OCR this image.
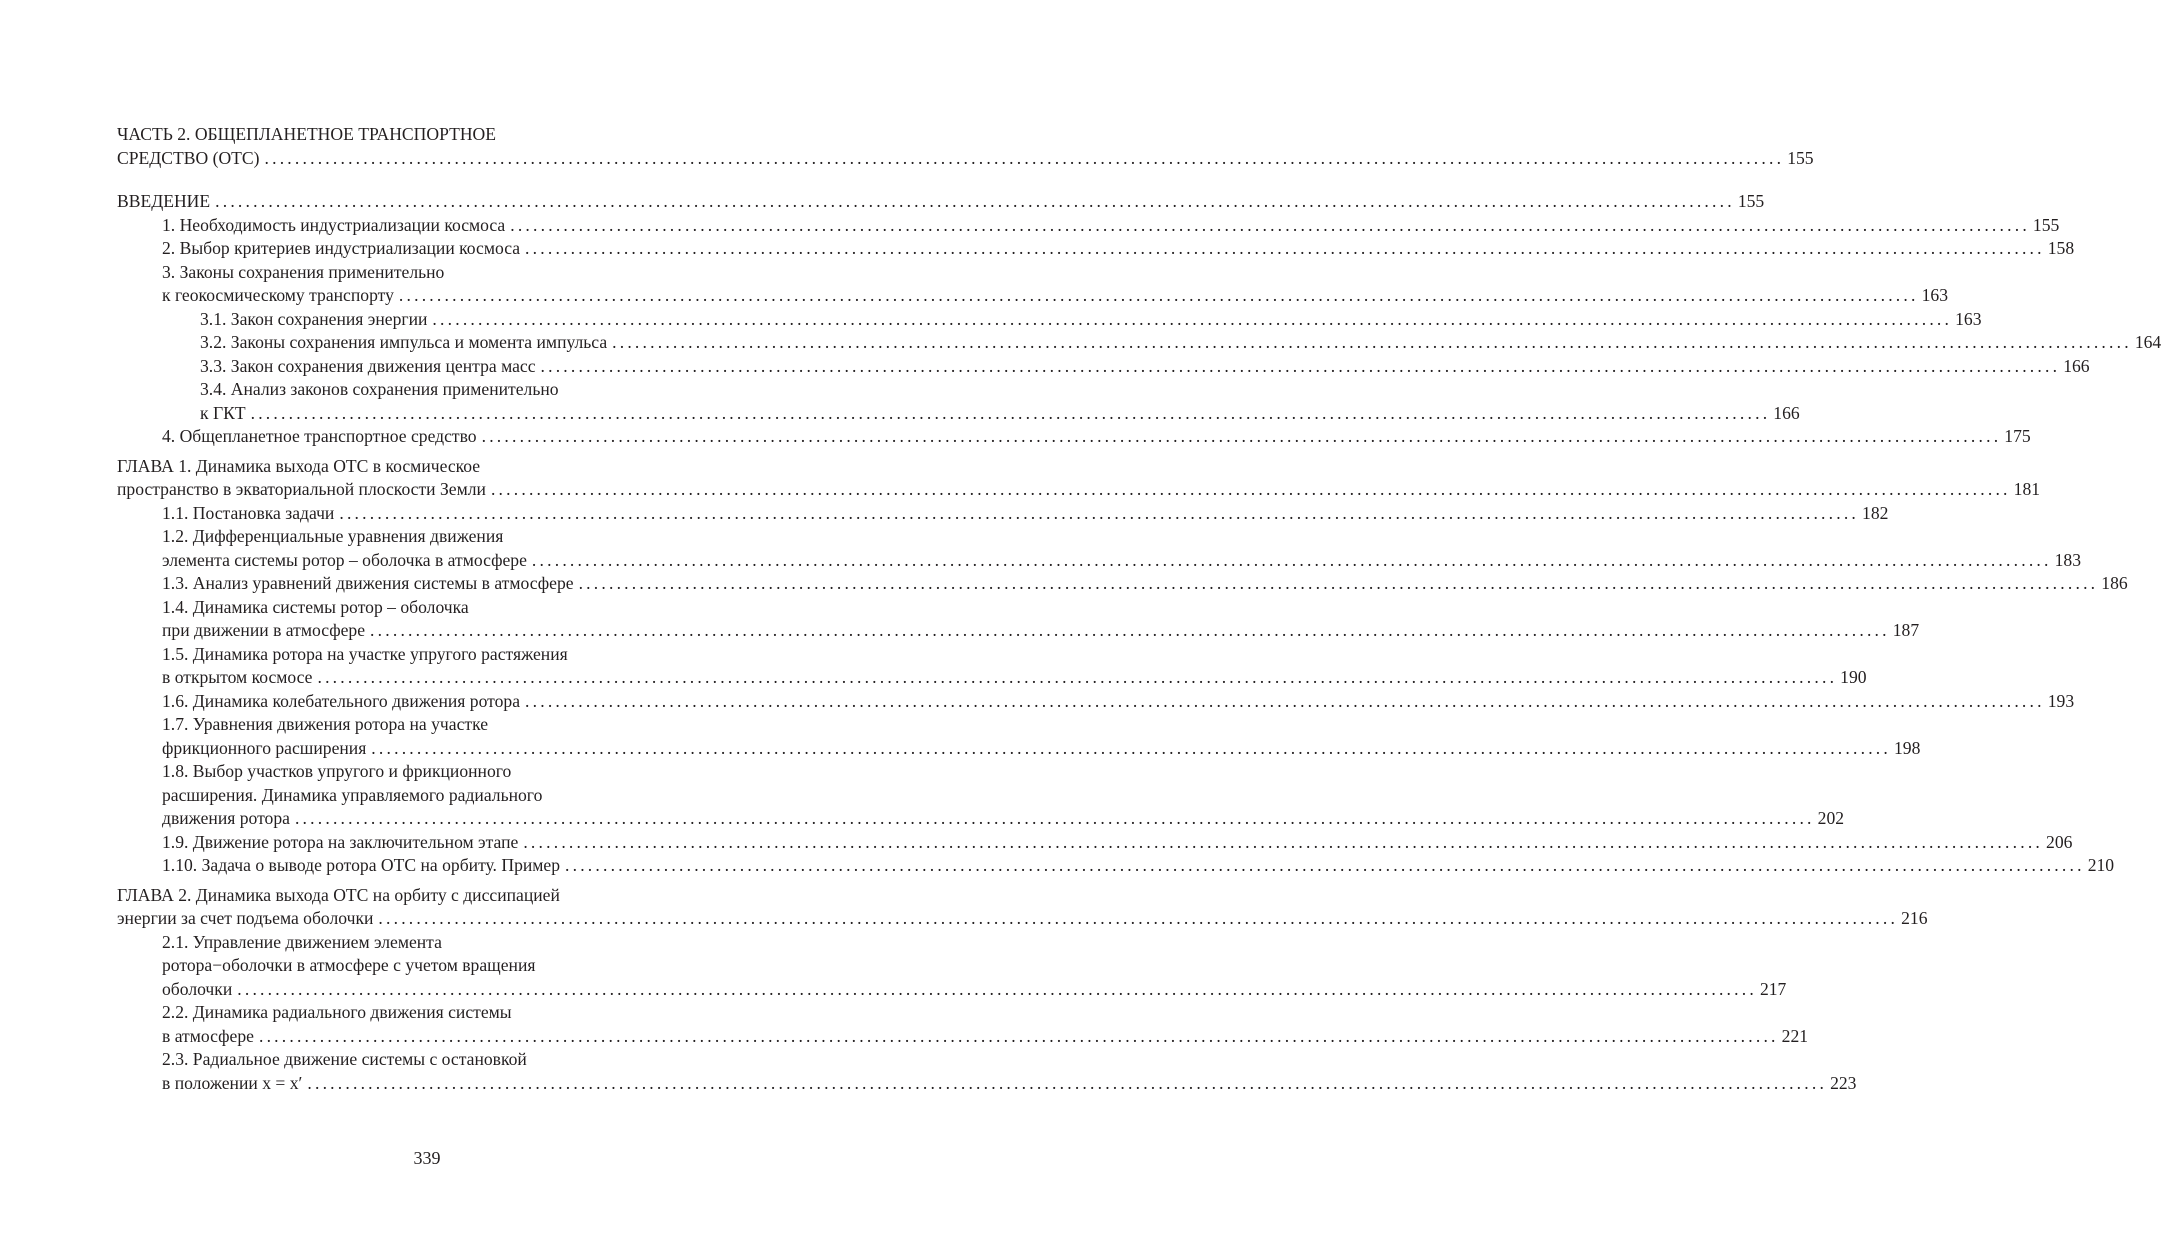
ЧАСТЬ 2. ОБЩЕПЛАНЕТНОЕ ТРАНСПОРТНОЕ
СРЕДСТВО (ОТС) ........................................................................................................................................................................................................ 155
ВВЕДЕНИЕ ........................................................................................................................................................................................................ 155
1. Необходимость индустриализации космоса ........................................................................................................................................................................................................ 155
2. Выбор критериев индустриализации космоса ........................................................................................................................................................................................................ 158
3. Законы сохранения применительно
к геокосмическому транспорту ........................................................................................................................................................................................................ 163
3.1. Закон сохранения энергии ........................................................................................................................................................................................................ 163
3.2. Законы сохранения импульса и момента импульса ........................................................................................................................................................................................................ 164
3.3. Закон сохранения движения центра масс ........................................................................................................................................................................................................ 166
3.4. Анализ законов сохранения применительно
к ГКТ ........................................................................................................................................................................................................ 166
4. Общепланетное транспортное средство ........................................................................................................................................................................................................ 175
ГЛАВА 1. Динамика выхода ОТС в космическое
пространство в экваториальной плоскости Земли ........................................................................................................................................................................................................ 181
1.1. Постановка задачи ........................................................................................................................................................................................................ 182
1.2. Дифференциальные уравнения движения
элемента системы ротор – оболочка в атмосфере ........................................................................................................................................................................................................ 183
1.3. Анализ уравнений движения системы в атмосфере ........................................................................................................................................................................................................ 186
1.4. Динамика системы ротор – оболочка
при движении в атмосфере ........................................................................................................................................................................................................ 187
1.5. Динамика ротора на участке упругого растяжения
в открытом космосе ........................................................................................................................................................................................................ 190
1.6. Динамика колебательного движения ротора ........................................................................................................................................................................................................ 193
1.7. Уравнения движения ротора на участке
фрикционного расширения ........................................................................................................................................................................................................ 198
1.8. Выбор участков упругого и фрикционного
расширения. Динамика управляемого радиального
движения ротора ........................................................................................................................................................................................................ 202
1.9. Движение ротора на заключительном этапе ........................................................................................................................................................................................................ 206
1.10. Задача о выводе ротора ОТС на орбиту. Пример ........................................................................................................................................................................................................ 210
ГЛАВА 2. Динамика выхода ОТС на орбиту с диссипацией
энергии за счет подъема оболочки ........................................................................................................................................................................................................ 216
2.1. Управление движением элемента
ротора−оболочки в атмосфере с учетом вращения
оболочки ........................................................................................................................................................................................................ 217
2.2. Динамика радиального движения системы
в атмосфере ........................................................................................................................................................................................................ 221
2.3. Радиальное движение системы с остановкой
в положении x = x′ ........................................................................................................................................................................................................ 223
339
